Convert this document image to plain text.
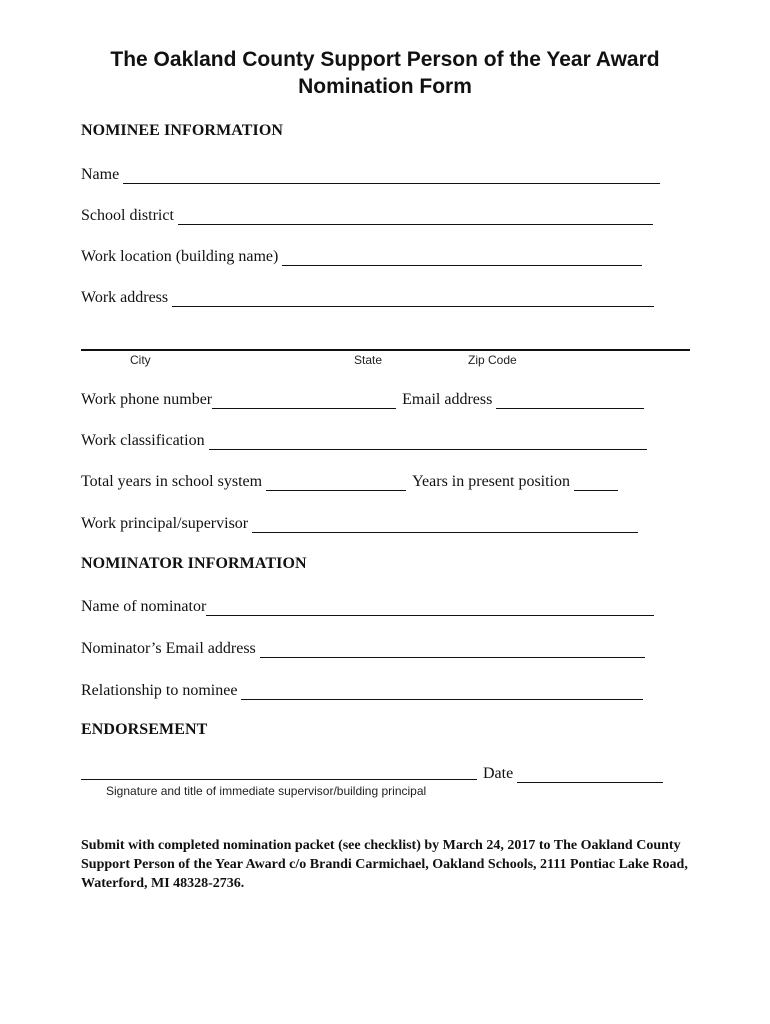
The Oakland County Support Person of the Year Award
Nomination Form
NOMINEE INFORMATION
Name
School district
Work location (building name)
Work address
City	State	Zip Code
Work phone number	Email address
Work classification
Total years in school system	Years in present position
Work principal/supervisor
NOMINATOR INFORMATION
Name of nominator
Nominator’s Email address
Relationship to nominee
ENDORSEMENT
Date
Signature and title of immediate supervisor/building principal
Submit with completed nomination packet (see checklist) by March 24, 2017 to The Oakland County Support Person of the Year Award c/o Brandi Carmichael, Oakland Schools, 2111 Pontiac Lake Road, Waterford, MI 48328-2736.
